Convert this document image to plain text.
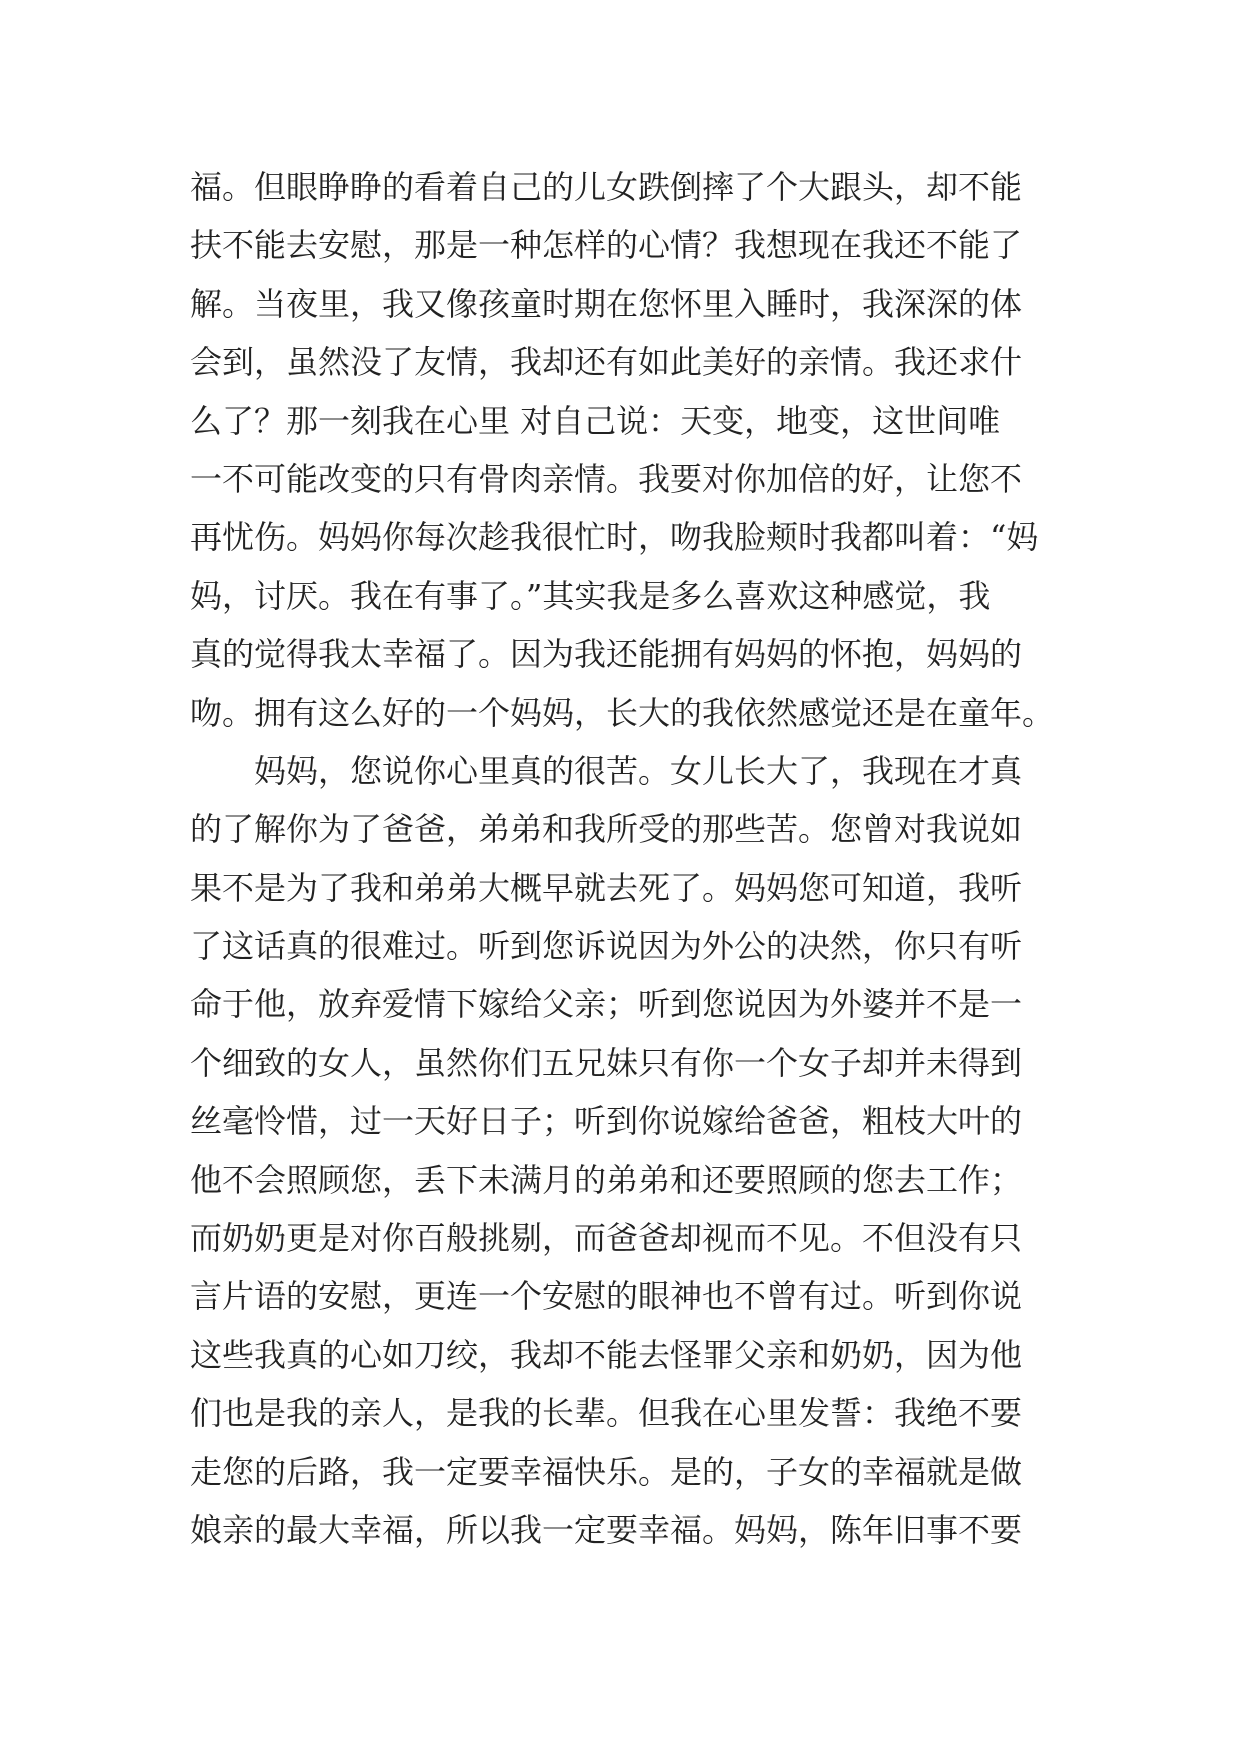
福。但眼睁睁的看着自己的儿女跌倒摔了个大跟头，却不能
扶不能去安慰，那是一种怎样的心情？我想现在我还不能了
解。当夜里，我又像孩童时期在您怀里入睡时，我深深的体
会到，虽然没了友情，我却还有如此美好的亲情。我还求什
么了？那一刻我在心里 对自己说：天变，地变，这世间唯
一不可能改变的只有骨肉亲情。我要对你加倍的好，让您不
再忧伤。妈妈你每次趁我很忙时，吻我脸颊时我都叫着：“妈
妈，讨厌。我在有事了。”其实我是多么喜欢这种感觉，我
真的觉得我太幸福了。因为我还能拥有妈妈的怀抱，妈妈的
吻。拥有这么好的一个妈妈，长大的我依然感觉还是在童年。
　　妈妈，您说你心里真的很苦。女儿长大了，我现在才真
的了解你为了爸爸，弟弟和我所受的那些苦。您曾对我说如
果不是为了我和弟弟大概早就去死了。妈妈您可知道，我听
了这话真的很难过。听到您诉说因为外公的决然，你只有听
命于他，放弃爱情下嫁给父亲；听到您说因为外婆并不是一
个细致的女人，虽然你们五兄妹只有你一个女子却并未得到
丝毫怜惜，过一天好日子；听到你说嫁给爸爸，粗枝大叶的
他不会照顾您，丢下未满月的弟弟和还要照顾的您去工作；
而奶奶更是对你百般挑剔，而爸爸却视而不见。不但没有只
言片语的安慰，更连一个安慰的眼神也不曾有过。听到你说
这些我真的心如刀绞，我却不能去怪罪父亲和奶奶，因为他
们也是我的亲人，是我的长辈。但我在心里发誓：我绝不要
走您的后路，我一定要幸福快乐。是的，子女的幸福就是做
娘亲的最大幸福，所以我一定要幸福。妈妈，陈年旧事不要
